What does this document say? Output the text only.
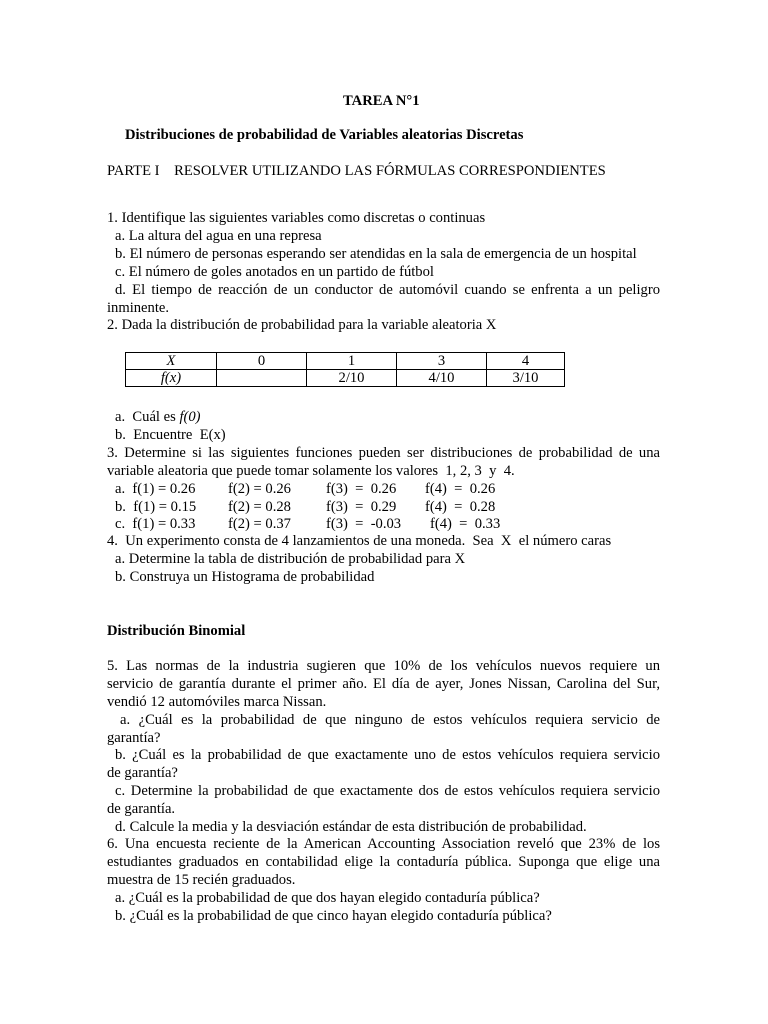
TAREA N°1
Distribuciones de probabilidad de Variables aleatorias Discretas
PARTE I    RESOLVER UTILIZANDO LAS FÓRMULAS CORRESPONDIENTES
1. Identifique las siguientes variables como discretas o continuas
a. La altura del agua en una represa
b. El número de personas esperando ser atendidas en la sala de emergencia de un hospital
c. El número de goles anotados en un partido de fútbol
d. El tiempo de reacción de un conductor de automóvil cuando se enfrenta a un peligro
inminente.
2. Dada la distribución de probabilidad para la variable aleatoria X
X	0	1	3	4
f(x)		2/10	4/10	3/10
a.  Cuál es f(0)
b.  Encuentre  E(x)
3. Determine si las siguientes funciones pueden ser distribuciones de probabilidad de una
variable aleatoria que puede tomar solamente los valores  1, 2, 3  y  4.
a.  f(1) = 0.26 f(2) = 0.26 f(3)  =  0.26 f(4)  =  0.26
b.  f(1) = 0.15 f(2) = 0.28 f(3)  =  0.29 f(4)  =  0.28
c.  f(1) = 0.33 f(2) = 0.37 f(3)  =  -0.03 f(4)  =  0.33
4.  Un experimento consta de 4 lanzamientos de una moneda.  Sea  X  el número caras
a. Determine la tabla de distribución de probabilidad para X
b. Construya un Histograma de probabilidad
Distribución Binomial
5. Las normas de la industria sugieren que 10% de los vehículos nuevos requiere un
servicio de garantía durante el primer año. El día de ayer, Jones Nissan, Carolina del Sur,
vendió 12 automóviles marca Nissan.
a. ¿Cuál es la probabilidad de que ninguno de estos vehículos requiera servicio de
garantía?
b. ¿Cuál es la probabilidad de que exactamente uno de estos vehículos requiera servicio
de garantía?
c. Determine la probabilidad de que exactamente dos de estos vehículos requiera servicio
de garantía.
d. Calcule la media y la desviación estándar de esta distribución de probabilidad.
6. Una encuesta reciente de la American Accounting Association reveló que 23% de los
estudiantes graduados en contabilidad elige la contaduría pública. Suponga que elige una
muestra de 15 recién graduados.
a. ¿Cuál es la probabilidad de que dos hayan elegido contaduría pública?
b. ¿Cuál es la probabilidad de que cinco hayan elegido contaduría pública?
